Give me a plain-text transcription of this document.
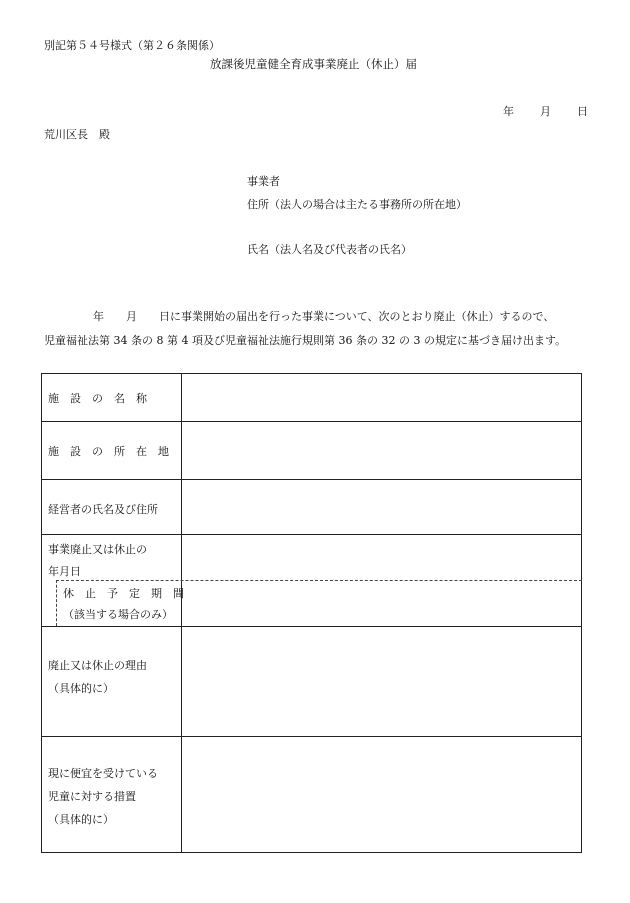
別記第５４号様式（第２６条関係）
放課後児童健全育成事業廃止（休止）届
年 月 日
荒川区長　殿
事業者
住所（法人の場合は主たる事務所の所在地）
氏名（法人名及び代表者の氏名）
年　　月　　日に事業開始の届出を行った事業について、次のとおり廃止（休止）するので、
児童福祉法第 34 条の 8 第 4 項及び児童福祉法施行規則第 36 条の 32 の 3 の規定に基づき届け出ます。
施　設　の　名　称
施　設　の　所　在　地
経営者の氏名及び住所
事業廃止又は休止の
年月日
休　止　予　定　期　間
（該当する場合のみ）
廃止又は休止の理由
（具体的に）
現に便宜を受けている
児童に対する措置
（具体的に）
